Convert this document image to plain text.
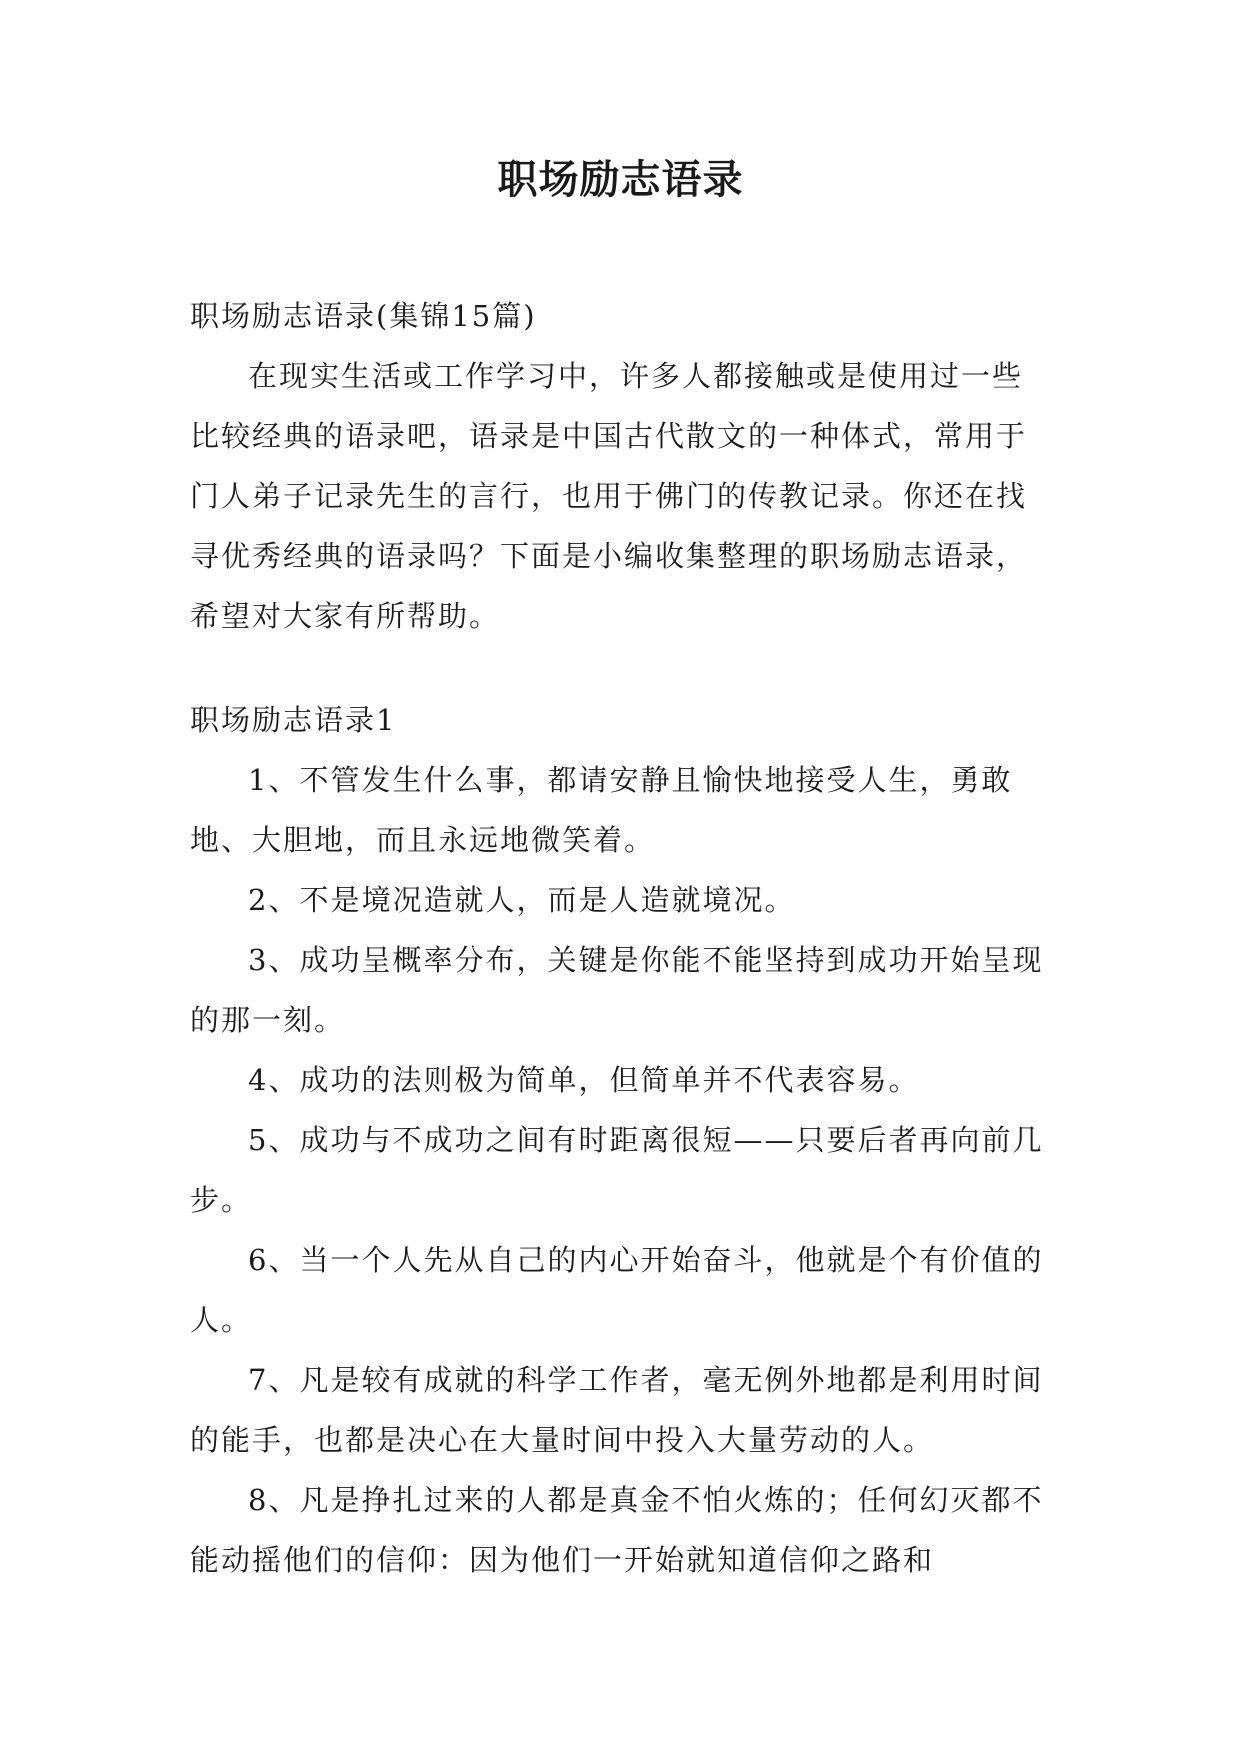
职场励志语录

职场励志语录(集锦15篇)

在现实生活或工作学习中，许多人都接触或是使用过一些比较经典的语录吧，语录是中国古代散文的一种体式，常用于门人弟子记录先生的言行，也用于佛门的传教记录。你还在找寻优秀经典的语录吗？下面是小编收集整理的职场励志语录，希望对大家有所帮助。

职场励志语录1

1、不管发生什么事，都请安静且愉快地接受人生，勇敢地、大胆地，而且永远地微笑着。

2、不是境况造就人，而是人造就境况。

3、成功呈概率分布，关键是你能不能坚持到成功开始呈现的那一刻。

4、成功的法则极为简单，但简单并不代表容易。

5、成功与不成功之间有时距离很短——只要后者再向前几步。

6、当一个人先从自己的内心开始奋斗，他就是个有价值的人。

7、凡是较有成就的科学工作者，毫无例外地都是利用时间的能手，也都是决心在大量时间中投入大量劳动的人。

8、凡是挣扎过来的人都是真金不怕火炼的；任何幻灭都不能动摇他们的信仰：因为他们一开始就知道信仰之路和
